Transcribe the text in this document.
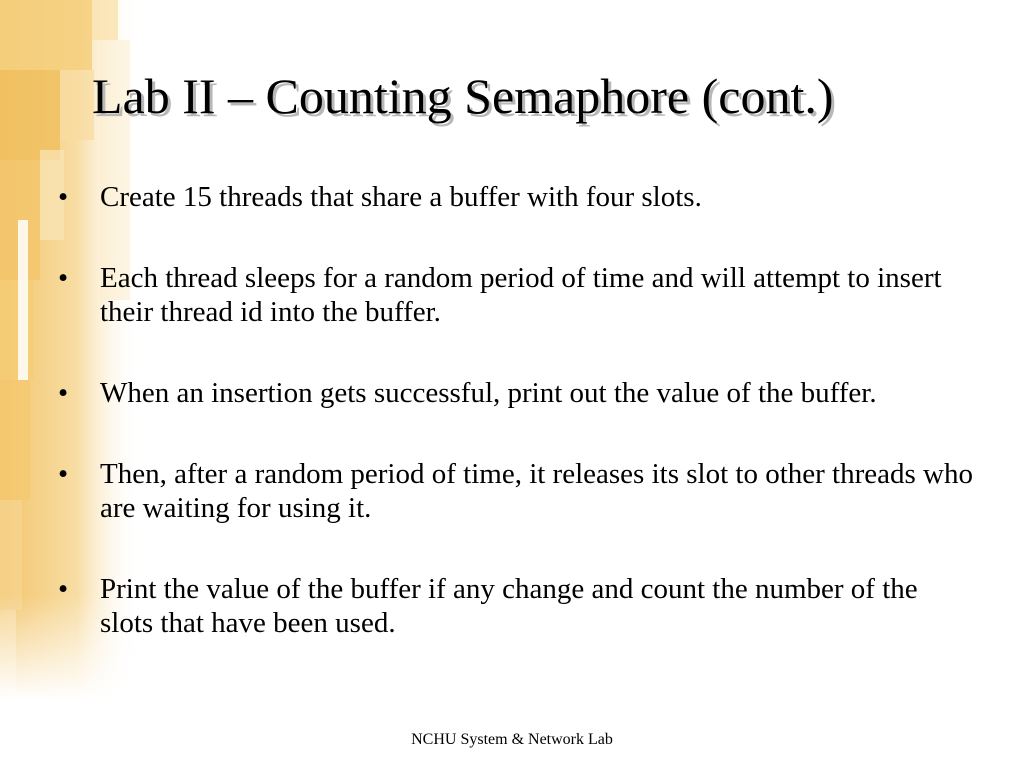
Lab II – Counting Semaphore (cont.)
•	Create 15 threads that share a buffer with four slots.
•	Each thread sleeps for a random period of time and will attempt to insert their thread id into the buffer.
•	When an insertion gets successful, print out the value of the buffer.
•	Then, after a random period of time, it releases its slot to other threads who are waiting for using it.
•	Print the value of the buffer if any change and count the number of the slots that have been used.
NCHU System & Network Lab
